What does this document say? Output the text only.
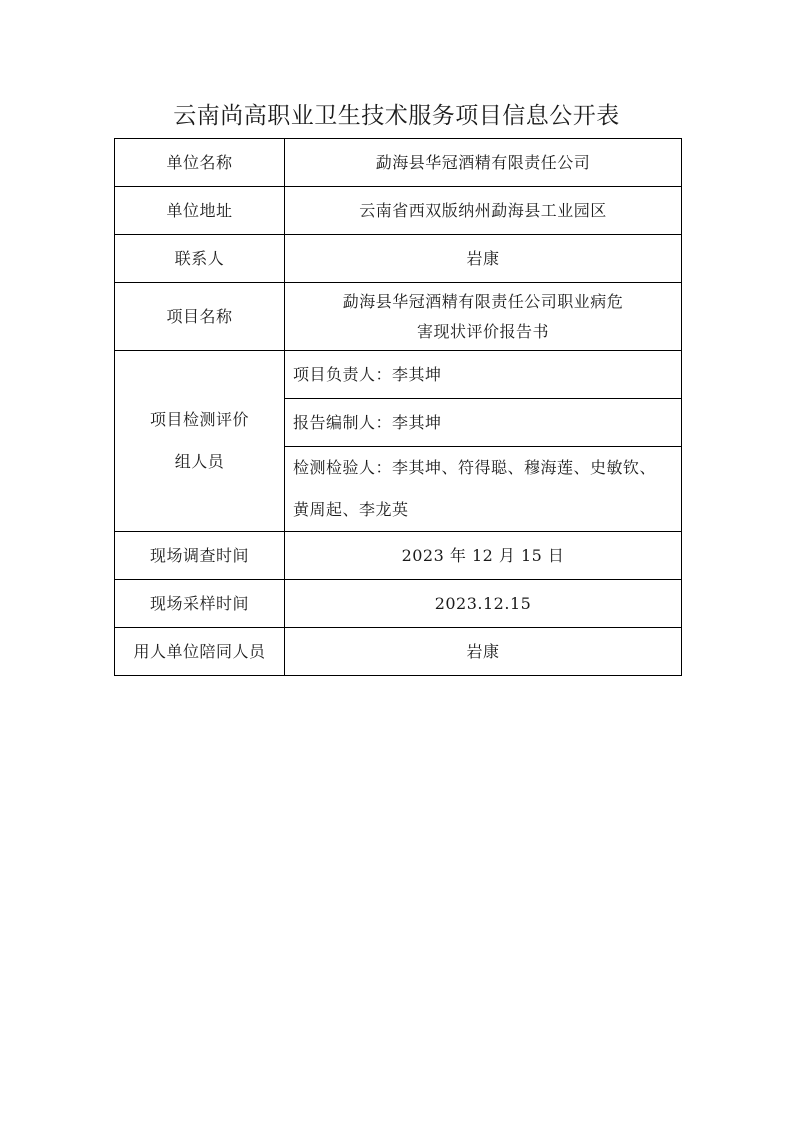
云南尚高职业卫生技术服务项目信息公开表
单位名称	勐海县华冠酒精有限责任公司

单位地址	云南省西双版纳州勐海县工业园区

联系人	岩康

项目名称	勐海县华冠酒精有限责任公司职业病危
害现状评价报告书

项目检测评价
组人员	项目负责人：李其坤

	报告编制人：李其坤

	检测检验人：李其坤、符得聪、穆海莲、史敏钦、
黄周起、李龙英

现场调查时间	2023 年 12 月 15 日

现场采样时间	2023.12.15

用人单位陪同人员	岩康
